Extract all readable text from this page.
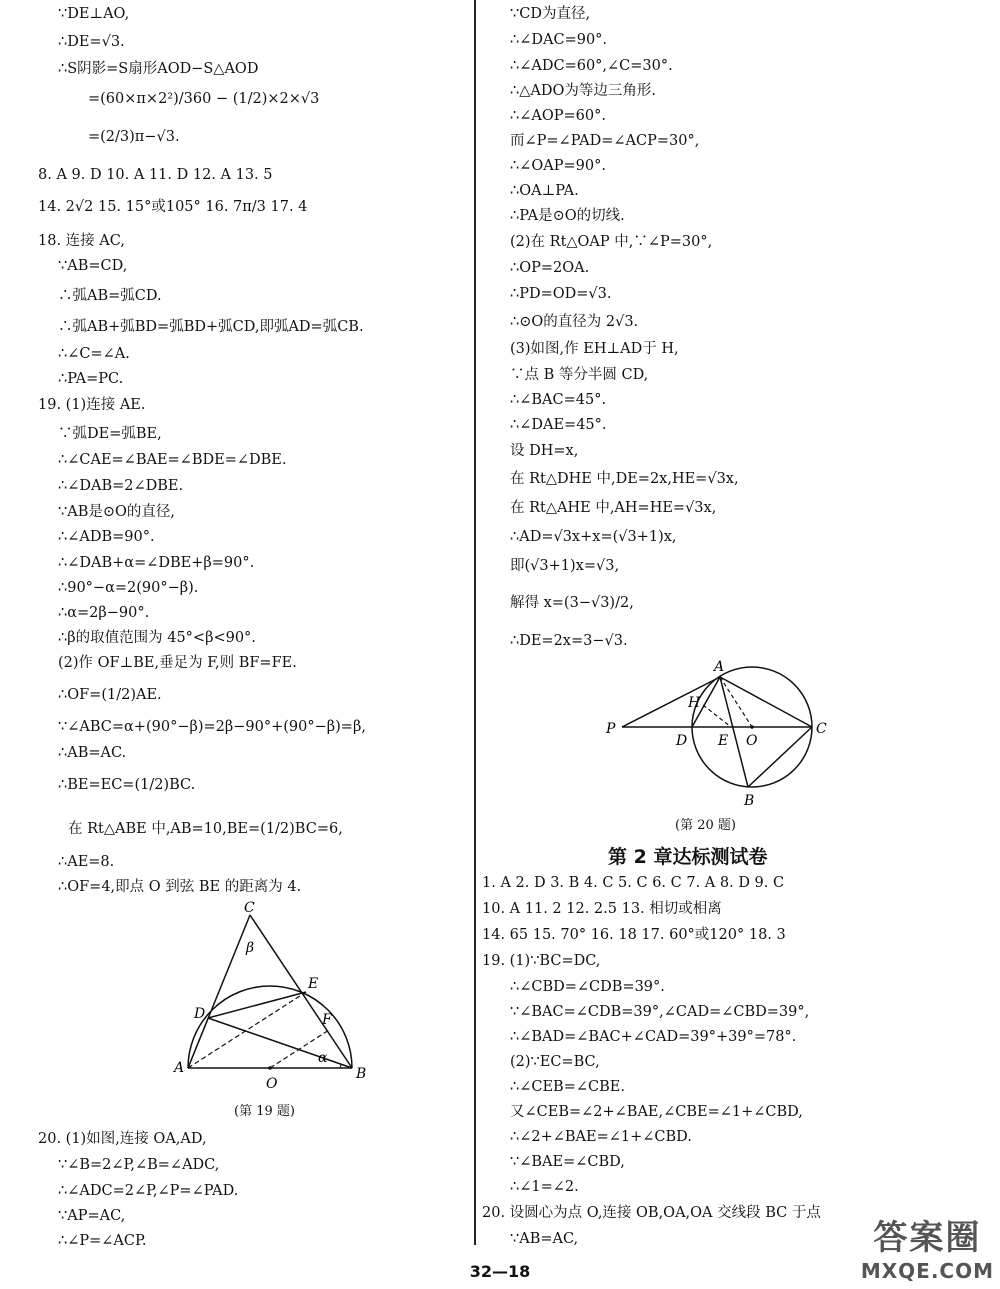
∵DE⊥AO,
∴DE=√3.
∴S阴影=S扇形AOD−S△AOD
=(60×π×2²)/360 − (1/2)×2×√3
=(2/3)π−√3.
8. A 9. D 10. A 11. D 12. A 13. 5
14. 2√2 15. 15°或105° 16. 7π/3 17. 4
18. 连接 AC,
∵AB=CD,
∴弧AB=弧CD.
∴弧AB+弧BD=弧BD+弧CD,即弧AD=弧CB.
∴∠C=∠A.
∴PA=PC.
19. (1)连接 AE.
∵弧DE=弧BE,
∴∠CAE=∠BAE=∠BDE=∠DBE.
∴∠DAB=2∠DBE.
∵AB是⊙O的直径,
∴∠ADB=90°.
∴∠DAB+α=∠DBE+β=90°.
∴90°−α=2(90°−β).
∴α=2β−90°.
∴β的取值范围为 45°<β<90°.
(2)作 OF⊥BE,垂足为 F,则 BF=FE.
∴OF=(1/2)AE.
∵∠ABC=α+(90°−β)=2β−90°+(90°−β)=β,
∴AB=AC.
∴BE=EC=(1/2)BC.
在 Rt△ABE 中,AB=10,BE=(1/2)BC=6,
∴AE=8.
∴OF=4,即点 O 到弦 BE 的距离为 4.
C
β
E
D	F
α
A
O
B
(第 19 题)
20. (1)如图,连接 OA,AD,
∵∠B=2∠P,∠B=∠ADC,
∴∠ADC=2∠P,∠P=∠PAD.
∵AP=AC,
∴∠P=∠ACP.
∵CD为直径,
∴∠DAC=90°.
∴∠ADC=60°,∠C=30°.
∴△ADO为等边三角形.
∴∠AOP=60°.
而∠P=∠PAD=∠ACP=30°,
∴∠OAP=90°.
∴OA⊥PA.
∴PA是⊙O的切线.
(2)在 Rt△OAP 中,∵∠P=30°,
∴OP=2OA.
∴PD=OD=√3.
∴⊙O的直径为 2√3.
(3)如图,作 EH⊥AD于 H,
∵点 B 等分半圆 CD,
∴∠BAC=45°.
∴∠DAE=45°.
设 DH=x,
在 Rt△DHE 中,DE=2x,HE=√3x,
在 Rt△AHE 中,AH=HE=√3x,
∴AD=√3x+x=(√3+1)x,
即(√3+1)x=√3,
解得 x=(3−√3)/2,
∴DE=2x=3−√3.
A
H
P
D E O
C
B
(第 20 题)
第 2 章达标测试卷
1. A 2. D 3. B 4. C 5. C 6. C 7. A 8. D 9. C
10. A 11. 2 12. 2.5 13. 相切或相离
14. 65 15. 70° 16. 18 17. 60°或120° 18. 3
19. (1)∵BC=DC,
∴∠CBD=∠CDB=39°.
∵∠BAC=∠CDB=39°,∠CAD=∠CBD=39°,
∴∠BAD=∠BAC+∠CAD=39°+39°=78°.
(2)∵EC=BC,
∴∠CEB=∠CBE.
又∠CEB=∠2+∠BAE,∠CBE=∠1+∠CBD,
∴∠2+∠BAE=∠1+∠CBD.
∵∠BAE=∠CBD,
∴∠1=∠2.
20. 设圆心为点 O,连接 OB,OA,OA 交线段 BC 于点
∵AB=AC,
32—18
答案圈
MXQE.COM
